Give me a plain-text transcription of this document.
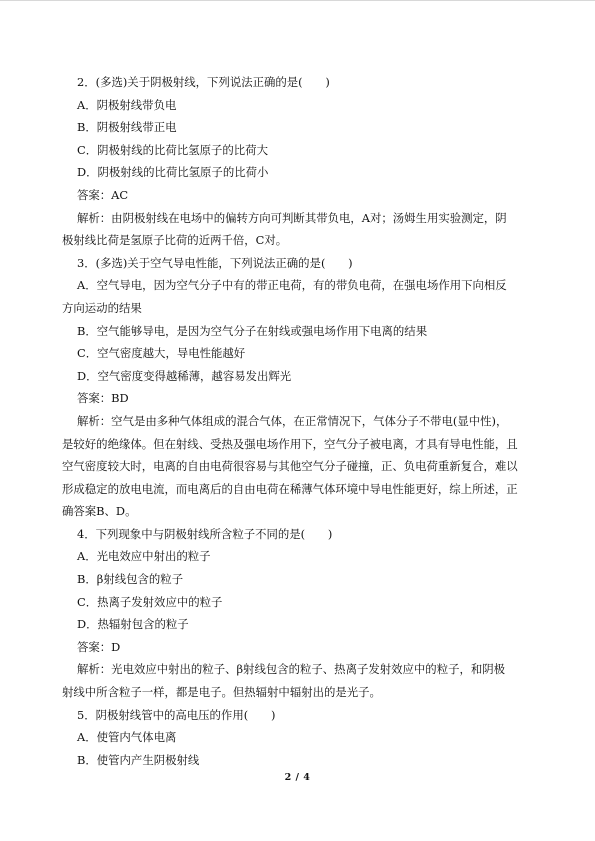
2．(多选)关于阴极射线，下列说法正确的是(　　)

A．阴极射线带负电

B．阴极射线带正电

C．阴极射线的比荷比氢原子的比荷大

D．阴极射线的比荷比氢原子的比荷小

答案：AC

解析：由阴极射线在电场中的偏转方向可判断其带负电，A对；汤姆生用实验测定，阴

极射线比荷是氢原子比荷的近两千倍，C对。

3．(多选)关于空气导电性能，下列说法正确的是(　　)

A．空气导电，因为空气分子中有的带正电荷，有的带负电荷，在强电场作用下向相反

方向运动的结果

B．空气能够导电，是因为空气分子在射线或强电场作用下电离的结果

C．空气密度越大，导电性能越好

D．空气密度变得越稀薄，越容易发出辉光

答案：BD

解析：空气是由多种气体组成的混合气体，在正常情况下，气体分子不带电(显中性)，

是较好的绝缘体。但在射线、受热及强电场作用下，空气分子被电离，才具有导电性能，且

空气密度较大时，电离的自由电荷很容易与其他空气分子碰撞，正、负电荷重新复合，难以

形成稳定的放电电流，而电离后的自由电荷在稀薄气体环境中导电性能更好，综上所述，正

确答案B、D。

4．下列现象中与阴极射线所含粒子不同的是(　　)

A．光电效应中射出的粒子

B．β射线包含的粒子

C．热离子发射效应中的粒子

D．热辐射包含的粒子

答案：D

解析：光电效应中射出的粒子、β射线包含的粒子、热离子发射效应中的粒子，和阴极

射线中所含粒子一样，都是电子。但热辐射中辐射出的是光子。

5．阴极射线管中的高电压的作用(　　)

A．使管内气体电离

B．使管内产生阴极射线

2 / 4
